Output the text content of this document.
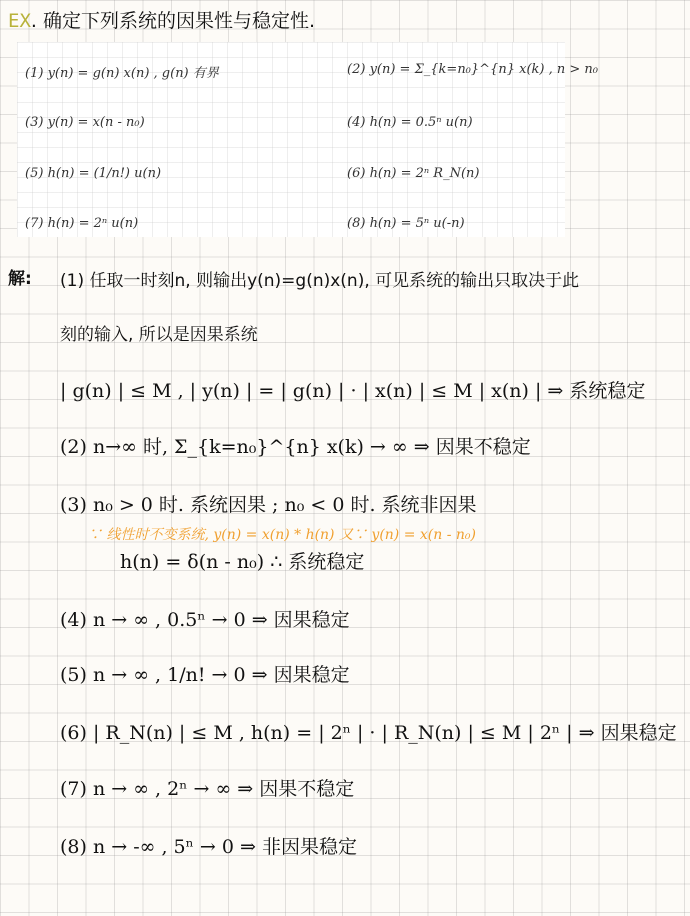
EX. 确定下列系统的因果性与稳定性.
(1) y(n) = g(n) x(n) , g(n) 有界	(2) y(n) = Σ_{k=n₀}^{n} x(k) , n > n₀
(3) y(n) = x(n - n₀)	(4) h(n) = 0.5ⁿ u(n)
(5) h(n) = (1/n!) u(n)	(6) h(n) = 2ⁿ R_N(n)
(7) h(n) = 2ⁿ u(n)	(8) h(n) = 5ⁿ u(-n)
解: (1) 任取一时刻n, 则输出y(n)=g(n)x(n), 可见系统的输出只取决于此
刻的输入, 所以是因果系统
| g(n) | ≤ M , | y(n) | = | g(n) | · | x(n) | ≤ M | x(n) | ⇒ 系统稳定
(2) n→∞ 时, Σ_{k=n₀}^{n} x(k) → ∞ ⇒ 因果不稳定
(3) n₀ > 0 时. 系统因果 ; n₀ < 0 时. 系统非因果
∵ 线性时不变系统, y(n) = x(n) * h(n) 又∵ y(n) = x(n - n₀)
h(n) = δ(n - n₀) ∴ 系统稳定
(4) n → ∞ , 0.5ⁿ → 0 ⇒ 因果稳定
(5) n → ∞ , 1/n! → 0 ⇒ 因果稳定
(6) | R_N(n) | ≤ M , h(n) = | 2ⁿ | · | R_N(n) | ≤ M | 2ⁿ | ⇒ 因果稳定
(7) n → ∞ , 2ⁿ → ∞ ⇒ 因果不稳定
(8) n → -∞ , 5ⁿ → 0 ⇒ 非因果稳定
